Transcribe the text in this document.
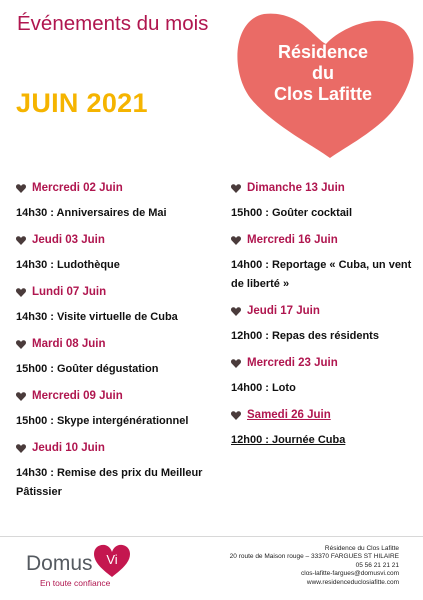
Événements du mois
JUIN 2021
Résidence
du
Clos Lafitte
Mercredi 02 Juin
14h30 : Anniversaires de Mai
Jeudi 03 Juin
14h30 : Ludothèque
Lundi 07 Juin
14h30 : Visite virtuelle de Cuba
Mardi 08 Juin
15h00 : Goûter dégustation
Mercredi 09 Juin
15h00 : Skype intergénérationnel
Jeudi 10 Juin
14h30 : Remise des prix du Meilleur Pâtissier
Dimanche 13 Juin
15h00 : Goûter cocktail
Mercredi 16 Juin
14h00 : Reportage « Cuba, un vent de liberté »
Jeudi 17 Juin
12h00 : Repas des résidents
Mercredi 23 Juin
14h00 : Loto
Samedi 26 Juin
12h00 : Journée Cuba
Domus Vi
En toute confiance
Résidence du Clos Lafitte
20 route de Maison rouge – 33370 FARGUES ST HILAIRE
05 56 21 21 21
clos-lafitte-fargues@domusvi.com
www.residenceduclosiafitte.com
